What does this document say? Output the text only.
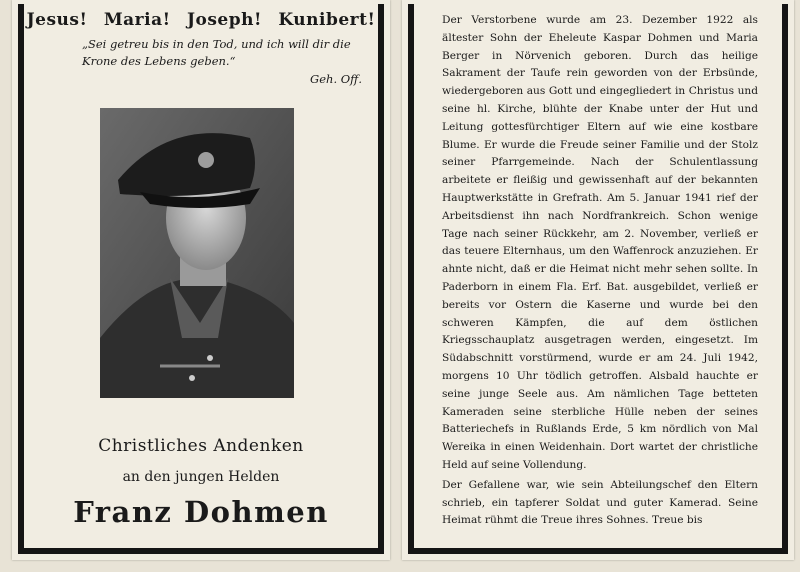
Jesus! Maria! Joseph! Kunibert!
„Sei getreu bis in den Tod, und ich will dir die Krone des Lebens geben.“
Geh. Off.
Christliches Andenken
an den jungen Helden
Franz Dohmen

Der Verstorbene wurde am 23. Dezember 1922 als ältester Sohn der Eheleute Kaspar Dohmen und Maria Berger in Nörvenich geboren. Durch das heilige Sakrament der Taufe rein geworden von der Erbsünde, wiedergeboren aus Gott und eingegliedert in Christus und seine hl. Kirche, blühte der Knabe unter der Hut und Leitung gottesfürchtiger Eltern auf wie eine kostbare Blume. Er wurde die Freude seiner Familie und der Stolz seiner Pfarrgemeinde. Nach der Schulentlassung arbeitete er fleißig und gewissenhaft auf der bekannten Hauptwerkstätte in Grefrath. Am 5. Januar 1941 rief der Arbeitsdienst ihn nach Nordfrankreich. Schon wenige Tage nach seiner Rückkehr, am 2. November, verließ er das teuere Elternhaus, um den Waffenrock anzuziehen. Er ahnte nicht, daß er die Heimat nicht mehr sehen sollte. In Paderborn in einem Fla. Erf. Bat. ausgebildet, verließ er bereits vor Ostern die Kaserne und wurde bei den schweren Kämpfen, die auf dem östlichen Kriegsschauplatz ausgetragen werden, eingesetzt. Im Südabschnitt vorstürmend, wurde er am 24. Juli 1942, morgens 10 Uhr tödlich getroffen. Alsbald hauchte er seine junge Seele aus. Am nämlichen Tage betteten Kameraden seine sterbliche Hülle neben der seines Batteriechefs in Rußlands Erde, 5 km nördlich von Mal Wereika in einen Weidenhain. Dort wartet der christliche Held auf seine Vollendung.

Der Gefallene war, wie sein Abteilungschef den Eltern schrieb, ein tapferer Soldat und guter Kamerad. Seine Heimat rühmt die Treue ihres Sohnes. Treue bis
